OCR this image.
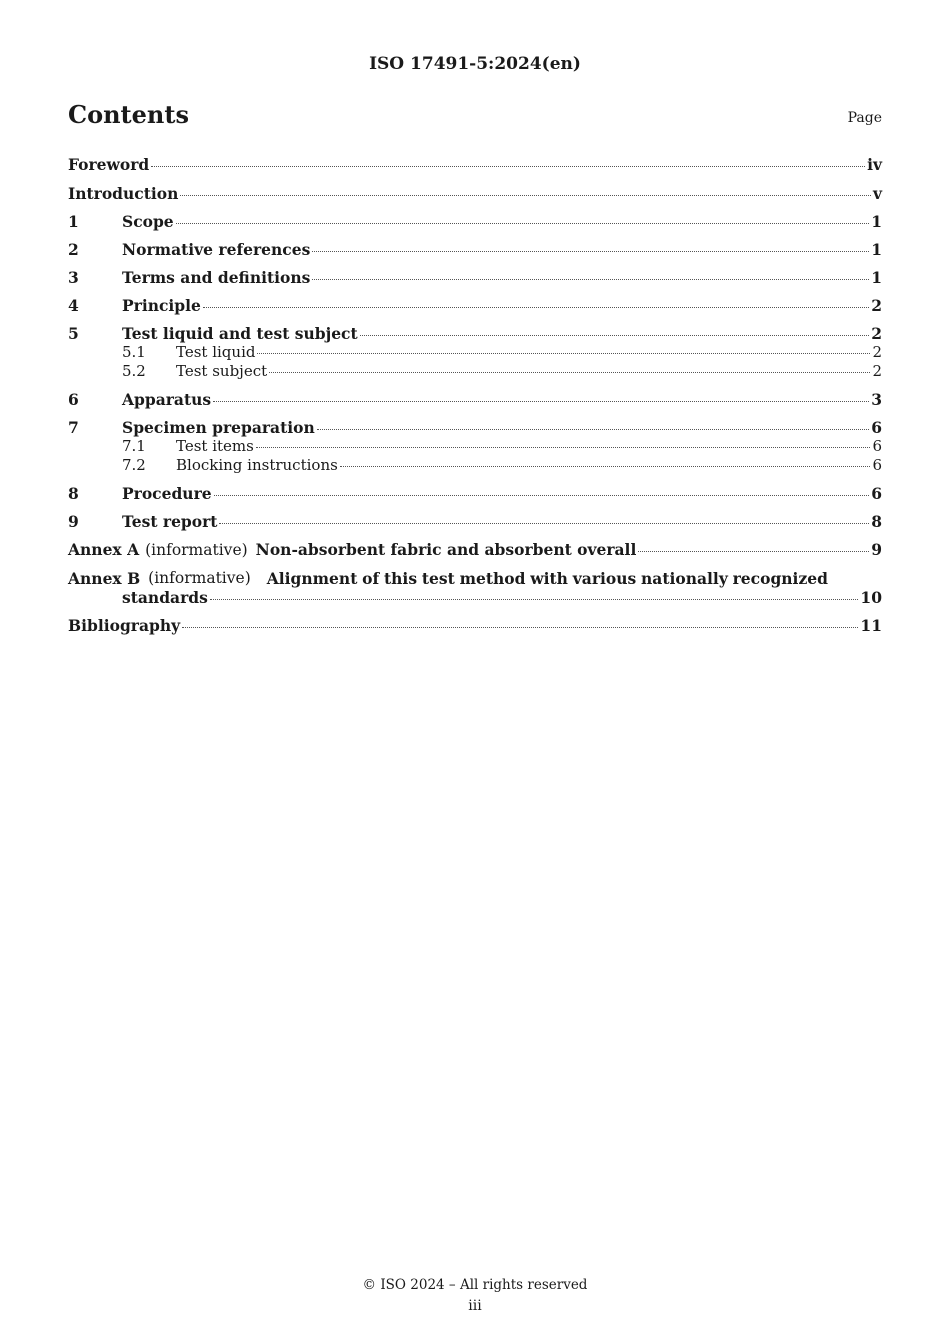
ISO 17491-5:2024(en)
Contents	Page
Foreword	iv
Introduction	v
1	Scope	1
2	Normative references	1
3	Terms and definitions	1
4	Principle	2
5	Test liquid and test subject	2
5.1	Test liquid	2
5.2	Test subject	2
6	Apparatus	3
7	Specimen preparation	6
7.1	Test items	6
7.2	Blocking instructions	6
8	Procedure	6
9	Test report	8
Annex A (informative) Non-absorbent fabric and absorbent overall	9
Annex B (informative) Alignment of this test method with various nationally recognized
standards	10
Bibliography	11
© ISO 2024 – All rights reserved
iii
